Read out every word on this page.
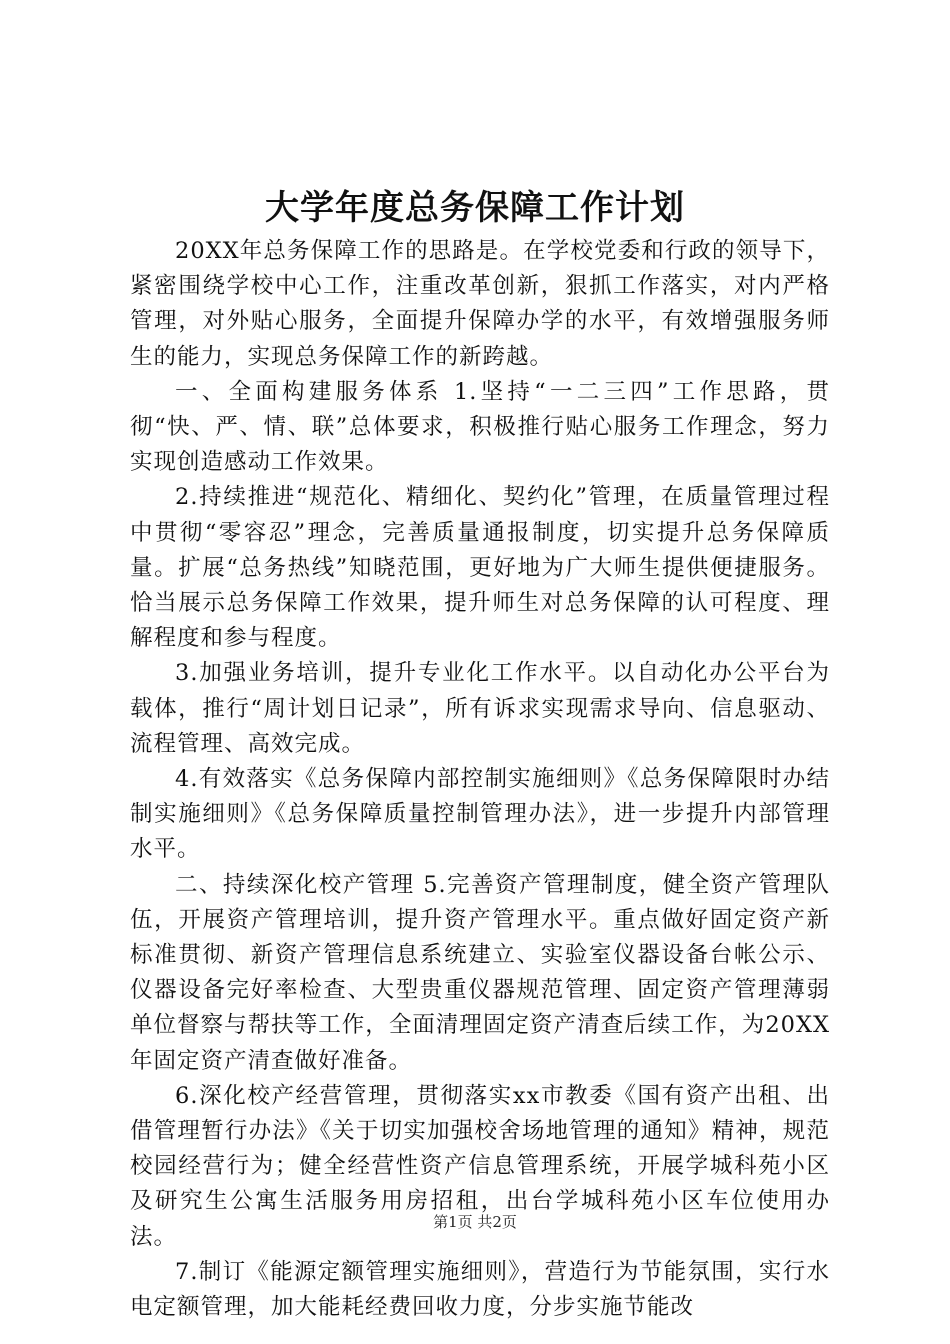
大学年度总务保障工作计划

20XX年总务保障工作的思路是。在学校党委和行政的领导下，紧密围绕学校中心工作，注重改革创新，狠抓工作落实，对内严格管理，对外贴心服务，全面提升保障办学的水平，有效增强服务师生的能力，实现总务保障工作的新跨越。

一、全面构建服务体系 1.坚持“一二三四”工作思路，贯彻“快、严、情、联”总体要求，积极推行贴心服务工作理念，努力实现创造感动工作效果。

2.持续推进“规范化、精细化、契约化”管理，在质量管理过程中贯彻“零容忍”理念，完善质量通报制度，切实提升总务保障质量。扩展“总务热线”知晓范围，更好地为广大师生提供便捷服务。恰当展示总务保障工作效果，提升师生对总务保障的认可程度、理解程度和参与程度。

3.加强业务培训，提升专业化工作水平。以自动化办公平台为载体，推行“周计划日记录”，所有诉求实现需求导向、信息驱动、流程管理、高效完成。

4.有效落实《总务保障内部控制实施细则》《总务保障限时办结制实施细则》《总务保障质量控制管理办法》，进一步提升内部管理水平。

二、持续深化校产管理 5.完善资产管理制度，健全资产管理队伍，开展资产管理培训，提升资产管理水平。重点做好固定资产新标准贯彻、新资产管理信息系统建立、实验室仪器设备台帐公示、仪器设备完好率检查、大型贵重仪器规范管理、固定资产管理薄弱单位督察与帮扶等工作，全面清理固定资产清查后续工作，为20XX年固定资产清查做好准备。

6.深化校产经营管理，贯彻落实xx市教委《国有资产出租、出借管理暂行办法》《关于切实加强校舍场地管理的通知》精神，规范校园经营行为；健全经营性资产信息管理系统，开展学城科苑小区及研究生公寓生活服务用房招租，出台学城科苑小区车位使用办法。

7.制订《能源定额管理实施细则》，营造行为节能氛围，实行水电定额管理，加大能耗经费回收力度，分步实施节能改

第1页 共2页
